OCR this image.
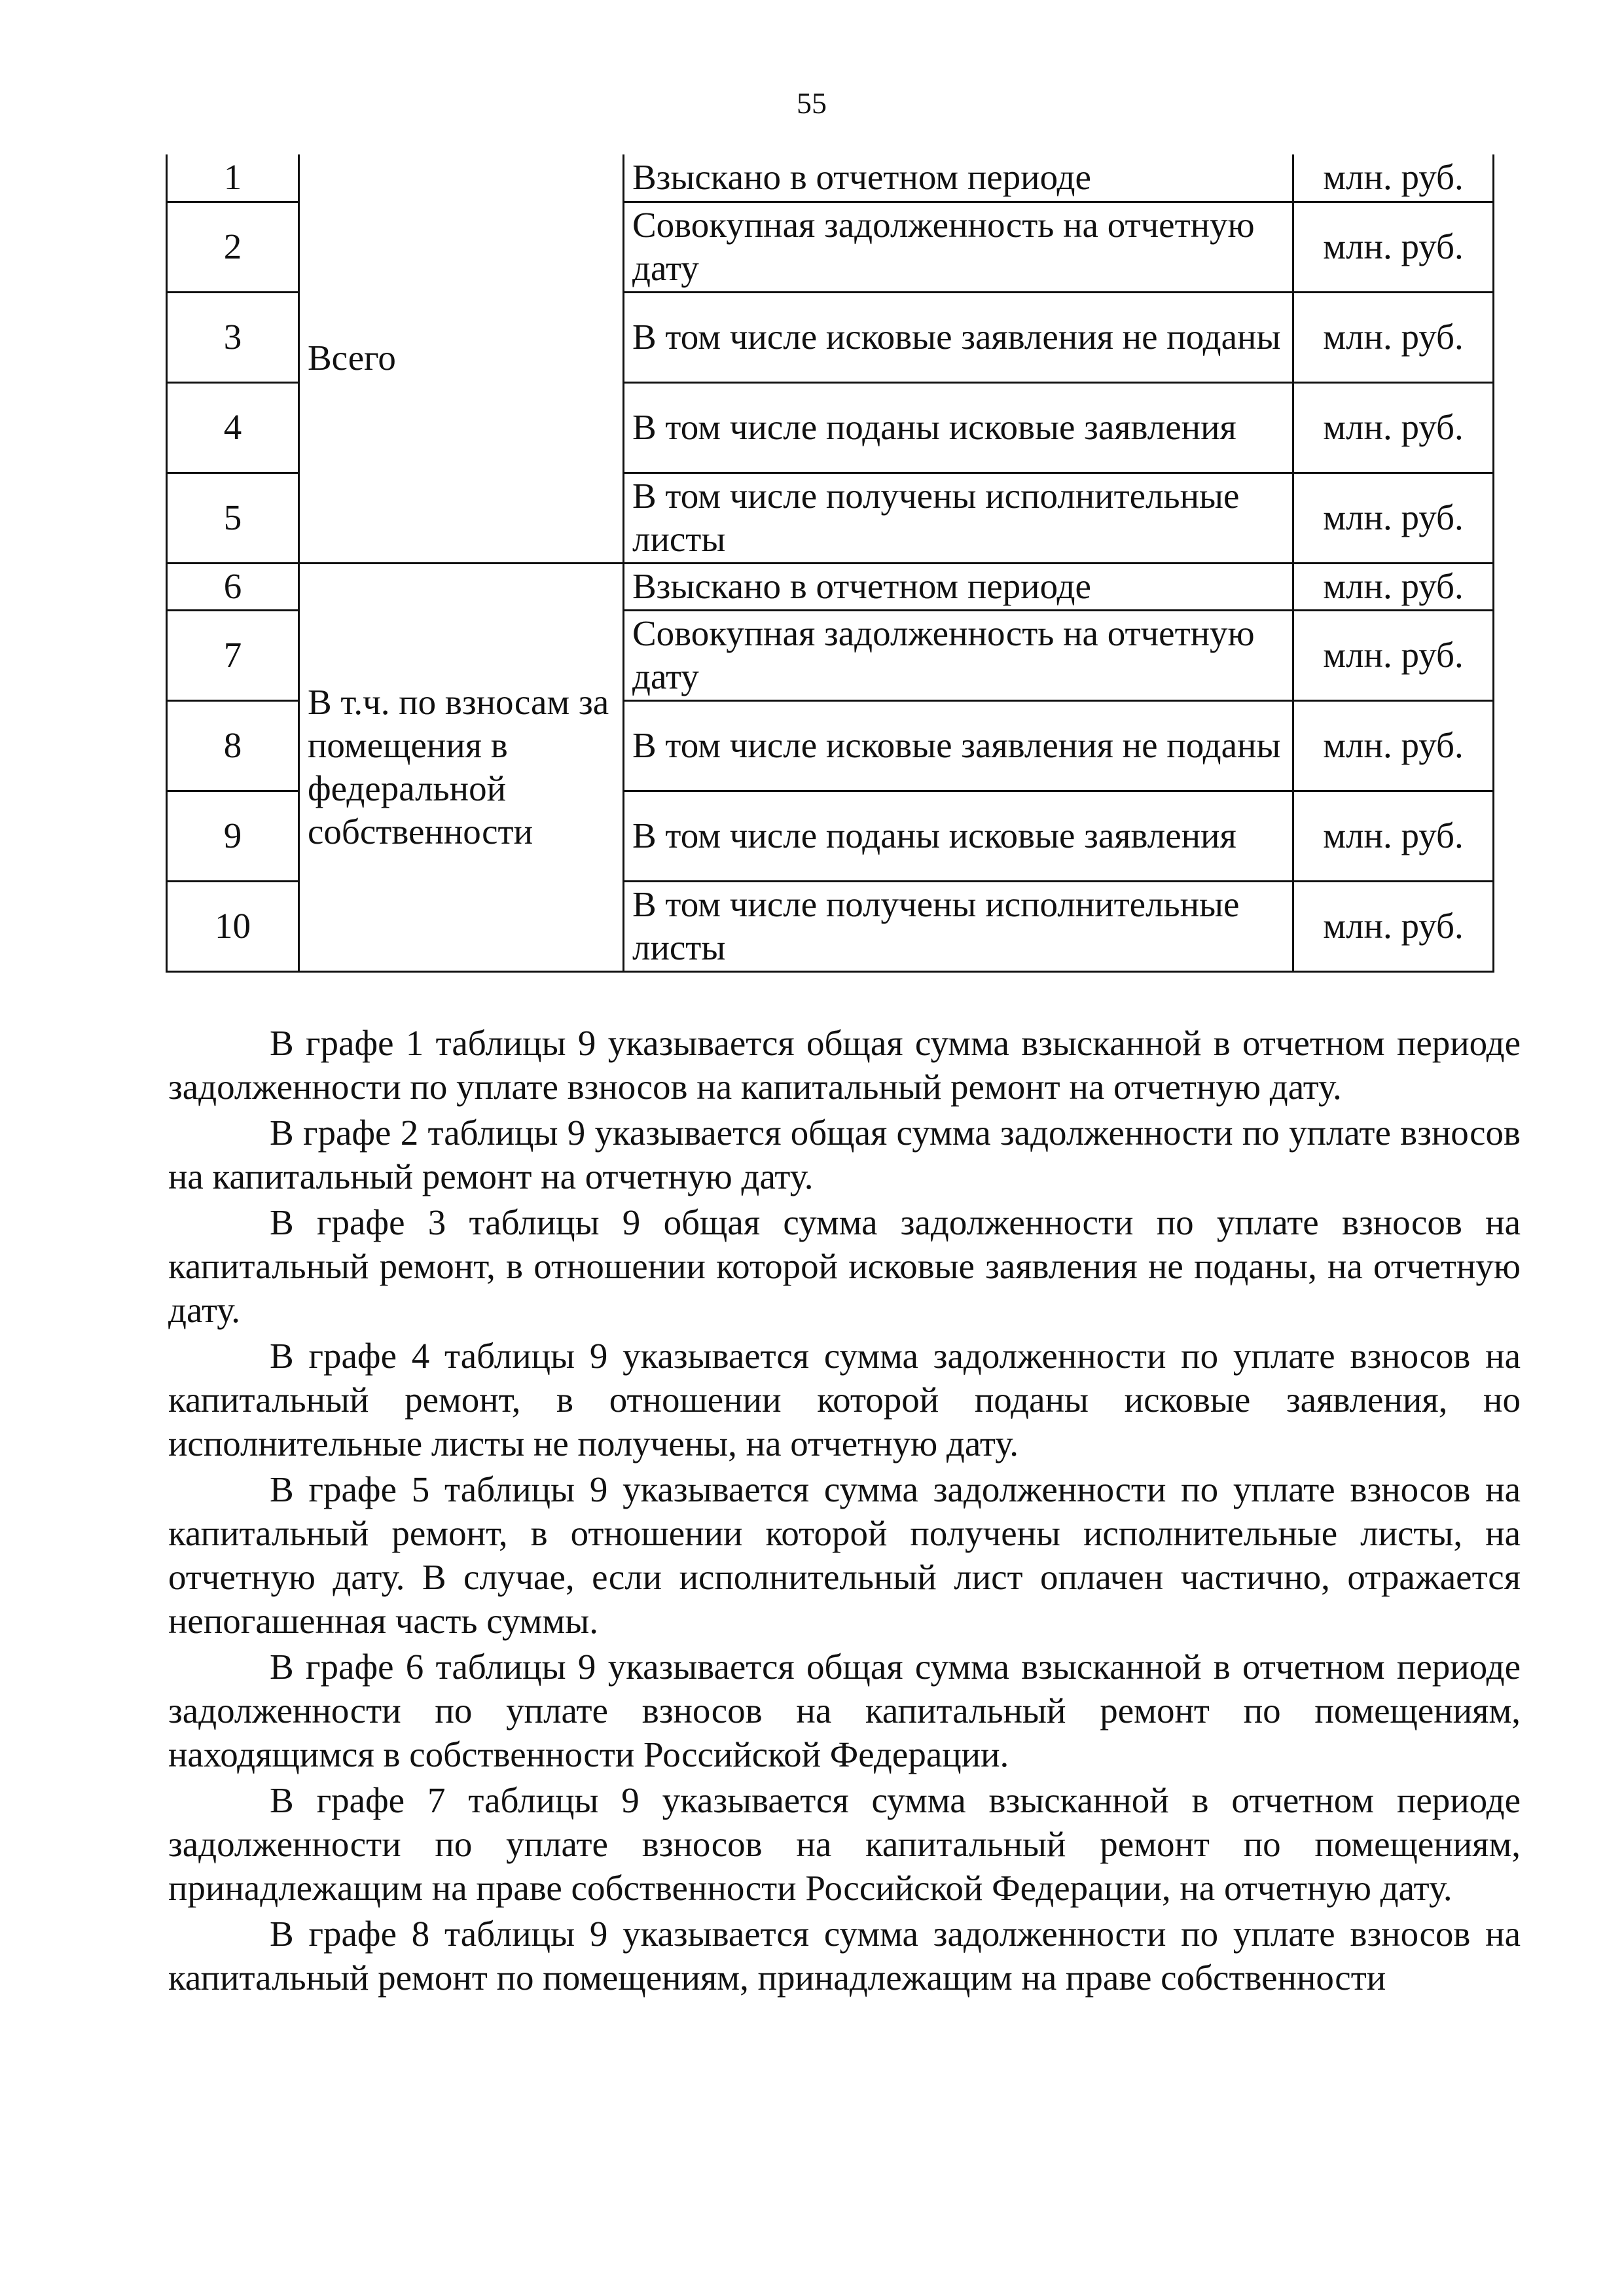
55
1	Всего	Взыскано в отчетном периоде	млн. руб.
2		Совокупная задолженность на отчетную дату	млн. руб.
3		В том числе исковые заявления не поданы	млн. руб.
4		В том числе поданы исковые заявления	млн. руб.
5		В том числе получены исполнительные листы	млн. руб.
6	В т.ч. по взносам за помещения в федеральной собственности	Взыскано в отчетном периоде	млн. руб.
7		Совокупная задолженность на отчетную дату	млн. руб.
8		В том числе исковые заявления не поданы	млн. руб.
9		В том числе поданы исковые заявления	млн. руб.
10		В том числе получены исполнительные листы	млн. руб.

В графе 1 таблицы 9 указывается общая сумма взысканной в отчетном периоде задолженности по уплате взносов на капитальный ремонт на отчетную дату.

В графе 2 таблицы 9 указывается общая сумма задолженности по уплате взносов на капитальный ремонт на отчетную дату.

В графе 3 таблицы 9 общая сумма задолженности по уплате взносов на капитальный ремонт, в отношении которой исковые заявления не поданы, на отчетную дату.

В графе 4 таблицы 9 указывается сумма задолженности по уплате взносов на капитальный ремонт, в отношении которой поданы исковые заявления, но исполнительные листы не получены, на отчетную дату.

В графе 5 таблицы 9 указывается сумма задолженности по уплате взносов на капитальный ремонт, в отношении которой получены исполнительные листы, на отчетную дату. В случае, если исполнительный лист оплачен частично, отражается непогашенная часть суммы.

В графе 6 таблицы 9 указывается общая сумма взысканной в отчетном периоде задолженности по уплате взносов на капитальный ремонт по помещениям, находящимся в собственности Российской Федерации.

В графе 7 таблицы 9 указывается сумма взысканной в отчетном периоде задолженности по уплате взносов на капитальный ремонт по помещениям, принадлежащим на праве собственности Российской Федерации, на отчетную дату.

В графе 8 таблицы 9 указывается сумма задолженности по уплате взносов на капитальный ремонт по помещениям, принадлежащим на праве собственности
